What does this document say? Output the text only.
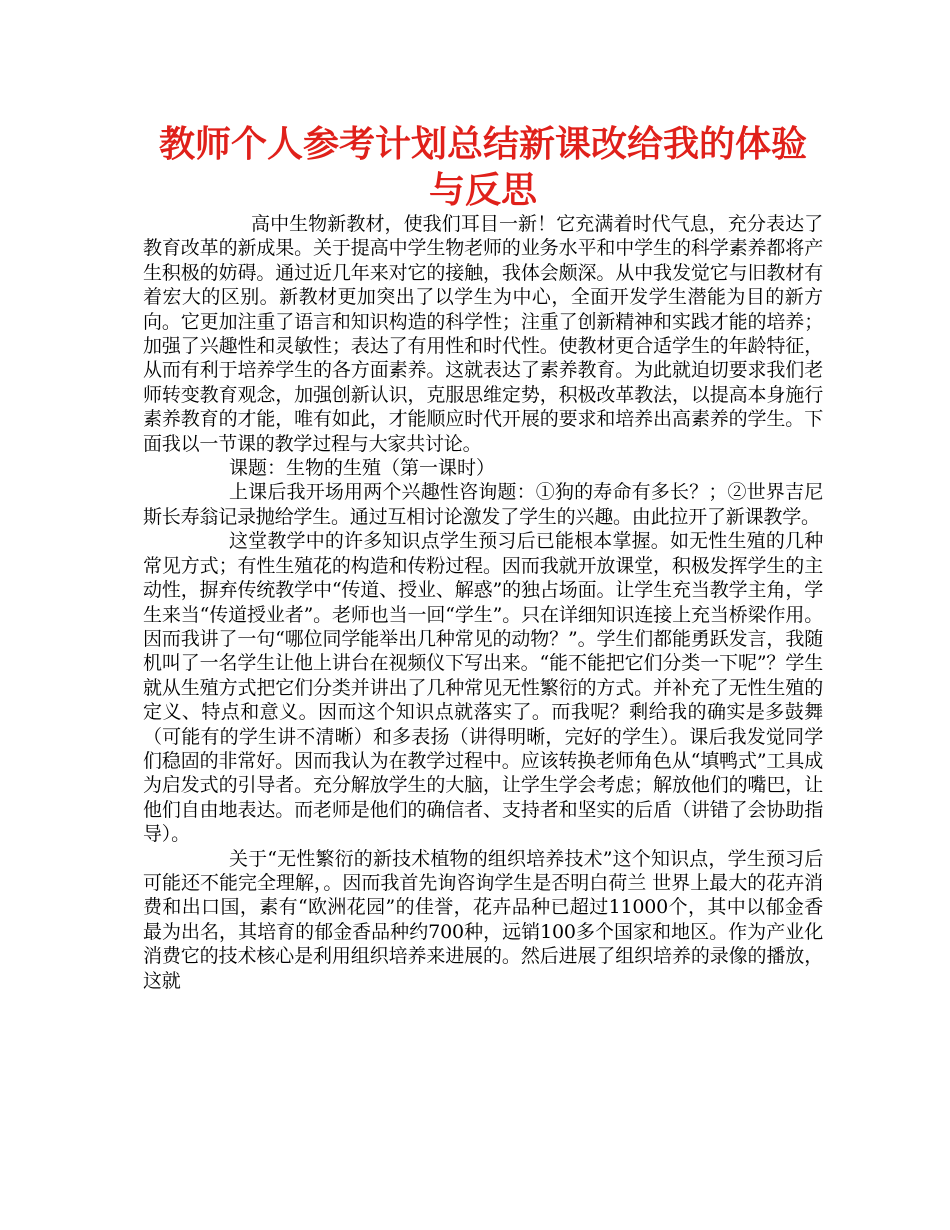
教师个人参考计划总结新课改给我的体验与反思

高中生物新教材，使我们耳目一新！它充满着时代气息，充分表达了教育改革的新成果。关于提高中学生物老师的业务水平和中学生的科学素养都将产生积极的妨碍。通过近几年来对它的接触，我体会颇深。从中我发觉它与旧教材有着宏大的区别。新教材更加突出了以学生为中心，全面开发学生潜能为目的新方向。它更加注重了语言和知识构造的科学性；注重了创新精神和实践才能的培养；加强了兴趣性和灵敏性；表达了有用性和时代性。使教材更合适学生的年龄特征，从而有利于培养学生的各方面素养。这就表达了素养教育。为此就迫切要求我们老师转变教育观念，加强创新认识，克服思维定势，积极改革教法，以提高本身施行素养教育的才能，唯有如此，才能顺应时代开展的要求和培养出高素养的学生。下面我以一节课的教学过程与大家共讨论。

课题：生物的生殖（第一课时）

上课后我开场用两个兴趣性咨询题：①狗的寿命有多长？；②世界吉尼斯长寿翁记录抛给学生。通过互相讨论激发了学生的兴趣。由此拉开了新课教学。

这堂教学中的许多知识点学生预习后已能根本掌握。如无性生殖的几种常见方式；有性生殖花的构造和传粉过程。因而我就开放课堂，积极发挥学生的主动性，摒弃传统教学中“传道、授业、解惑”的独占场面。让学生充当教学主角，学生来当“传道授业者”。老师也当一回“学生”。只在详细知识连接上充当桥梁作用。因而我讲了一句“哪位同学能举出几种常见的动物？”。学生们都能勇跃发言，我随机叫了一名学生让他上讲台在视频仪下写出来。“能不能把它们分类一下呢”？学生就从生殖方式把它们分类并讲出了几种常见无性繁衍的方式。并补充了无性生殖的定义、特点和意义。因而这个知识点就落实了。而我呢？剩给我的确实是多鼓舞（可能有的学生讲不清晰）和多表扬（讲得明晰，完好的学生）。课后我发觉同学们稳固的非常好。因而我认为在教学过程中。应该转换老师角色从“填鸭式”工具成为启发式的引导者。充分解放学生的大脑，让学生学会考虑；解放他们的嘴巴，让他们自由地表达。而老师是他们的确信者、支持者和坚实的后盾（讲错了会协助指导）。

关于“无性繁衍的新技术植物的组织培养技术”这个知识点，学生预习后可能还不能完全理解，。因而我首先询咨询学生是否明白荷兰 世界上最大的花卉消费和出口国，素有“欧洲花园”的佳誉，花卉品种已超过11000个，其中以郁金香最为出名，其培育的郁金香品种约700种，远销100多个国家和地区。作为产业化消费它的技术核心是利用组织培养来进展的。然后进展了组织培养的录像的播放，这就
